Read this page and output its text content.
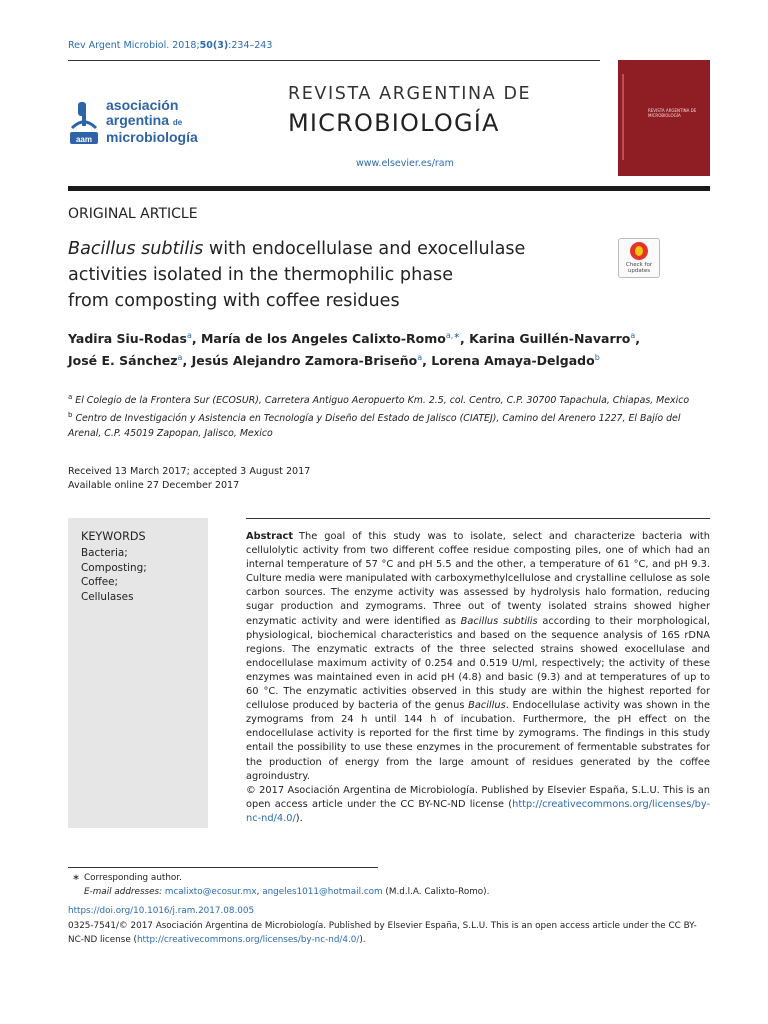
Rev Argent Microbiol. 2018;50(3):234–243
aam
asociación
argentina de
microbiología
REVISTA ARGENTINA DE
MICROBIOLOGÍA
www.elsevier.es/ram
REVISTA ARGENTINA DE
MICROBIOLOGÍA
ORIGINAL ARTICLE
Bacillus subtilis with endocellulase and exocellulase
activities isolated in the thermophilic phase
from composting with coffee residues
Check for updates
Yadira Siu-Rodas$^a$, María de los Angeles Calixto-Romo$^{a,∗}$, Karina Guillén-Navarro$^a$,
José E. Sánchez$^a$, Jesús Alejandro Zamora-Briseño$^a$, Lorena Amaya-Delgado$^b$
$^a$ El Colegio de la Frontera Sur (ECOSUR), Carretera Antiguo Aeropuerto Km. 2.5, col. Centro, C.P. 30700 Tapachula, Chiapas, Mexico
$^b$ Centro de Investigación y Asistencia en Tecnología y Diseño del Estado de Jalisco (CIATEJ), Camino del Arenero 1227, El Bajío del Arenal, C.P. 45019 Zapopan, Jalisco, Mexico
Received 13 March 2017; accepted 3 August 2017
Available online 27 December 2017
KEYWORDS
Bacteria;
Composting;
Coffee;
Cellulases

Abstract The goal of this study was to isolate, select and characterize bacteria with cellulolytic activity from two different coffee residue composting piles, one of which had an internal temperature of 57 °C and pH 5.5 and the other, a temperature of 61 °C, and pH 9.3. Culture media were manipulated with carboxymethylcellulose and crystalline cellulose as sole carbon sources. The enzyme activity was assessed by hydrolysis halo formation, reducing sugar production and zymograms. Three out of twenty isolated strains showed higher enzymatic activity and were identified as Bacillus subtilis according to their morphological, physiological, biochemical characteristics and based on the sequence analysis of 16S rDNA regions. The enzymatic extracts of the three selected strains showed exocellulase and endocellulase maximum activity of 0.254 and 0.519 U/ml, respectively; the activity of these enzymes was maintained even in acid pH (4.8) and basic (9.3) and at temperatures of up to 60 °C. The enzymatic activities observed in this study are within the highest reported for cellulose produced by bacteria of the genus Bacillus. Endocellulase activity was shown in the zymograms from 24 h until 144 h of incubation. Furthermore, the pH effect on the endocellulase activity is reported for the first time by zymograms. The findings in this study entail the possibility to use these enzymes in the procurement of fermentable substrates for the production of energy from the large amount of residues generated by the coffee agroindustry.

© 2017 Asociación Argentina de Microbiología. Published by Elsevier España, S.L.U. This is an open access article under the CC BY-NC-ND license (http://creativecommons.org/licenses/by-nc-nd/4.0/).

∗ Corresponding author.
E-mail addresses: mcalixto@ecosur.mx, angeles1011@hotmail.com (M.d.l.A. Calixto-Romo).
https://doi.org/10.1016/j.ram.2017.08.005
0325-7541/© 2017 Asociación Argentina de Microbiología. Published by Elsevier España, S.L.U. This is an open access article under the CC BY-NC-ND license (http://creativecommons.org/licenses/by-nc-nd/4.0/).
